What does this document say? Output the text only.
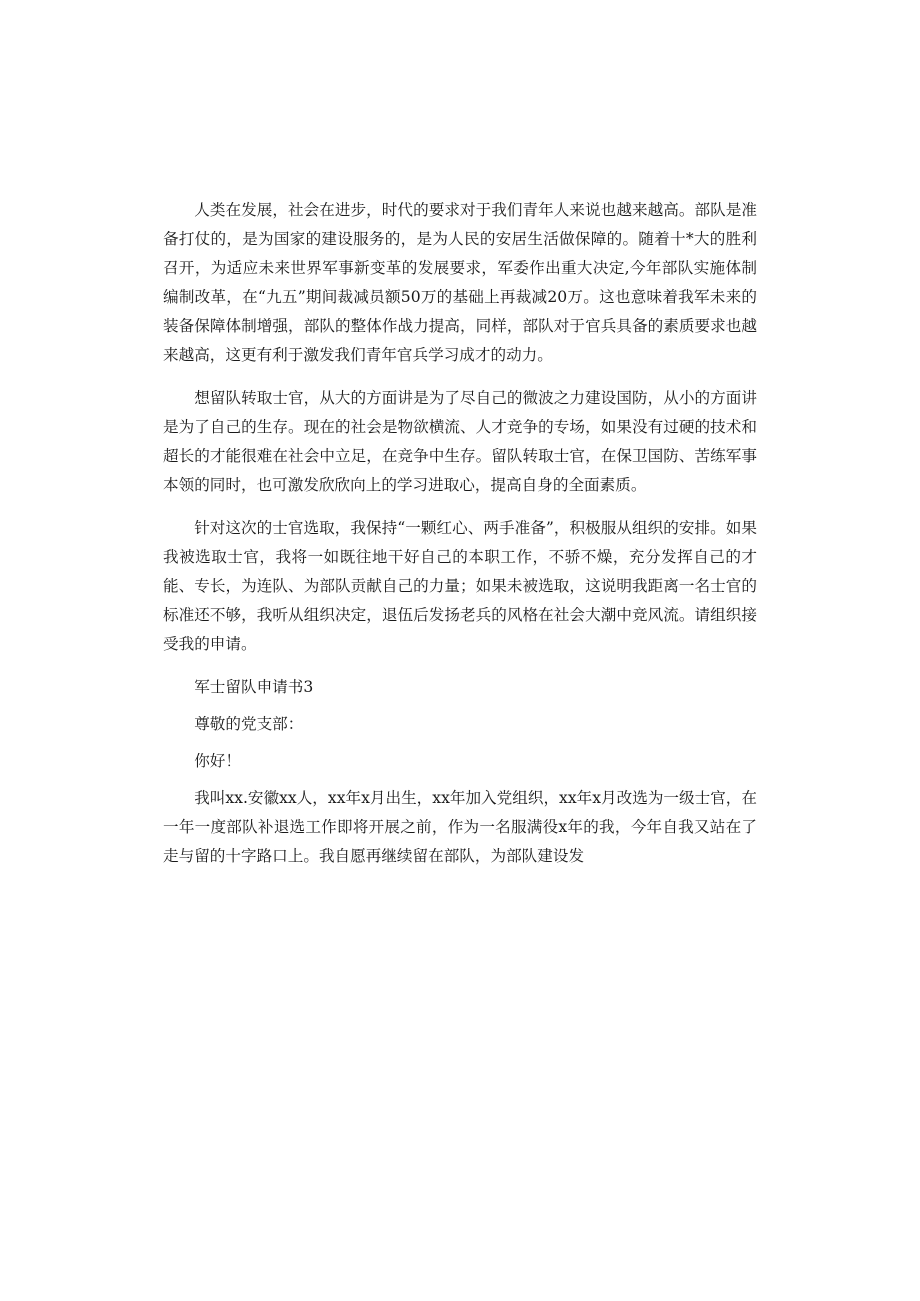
人类在发展，社会在进步，时代的要求对于我们青年人来说也越来越高。部队是准备打仗的，是为国家的建设服务的，是为人民的安居生活做保障的。随着十*大的胜利召开，为适应未来世界军事新变革的发展要求，军委作出重大决定,今年部队实施体制编制改革，在“九五”期间裁减员额50万的基础上再裁减20万。这也意味着我军未来的装备保障体制增强，部队的整体作战力提高，同样，部队对于官兵具备的素质要求也越来越高，这更有利于激发我们青年官兵学习成才的动力。

想留队转取士官，从大的方面讲是为了尽自己的微波之力建设国防，从小的方面讲是为了自己的生存。现在的社会是物欲横流、人才竞争的专场，如果没有过硬的技术和超长的才能很难在社会中立足，在竞争中生存。留队转取士官，在保卫国防、苦练军事本领的同时，也可激发欣欣向上的学习进取心，提高自身的全面素质。

针对这次的士官选取，我保持“一颗红心、两手准备”，积极服从组织的安排。如果我被选取士官，我将一如既往地干好自己的本职工作，不骄不燥，充分发挥自己的才能、专长，为连队、为部队贡献自己的力量；如果未被选取，这说明我距离一名士官的标准还不够，我听从组织决定，退伍后发扬老兵的风格在社会大潮中竞风流。请组织接受我的申请。

军士留队申请书3

尊敬的党支部：

你好！

我叫xx.安徽xx人，xx年x月出生，xx年加入党组织，xx年x月改选为一级士官，在一年一度部队补退选工作即将开展之前，作为一名服满役x年的我，今年自我又站在了走与留的十字路口上。我自愿再继续留在部队，为部队建设发
